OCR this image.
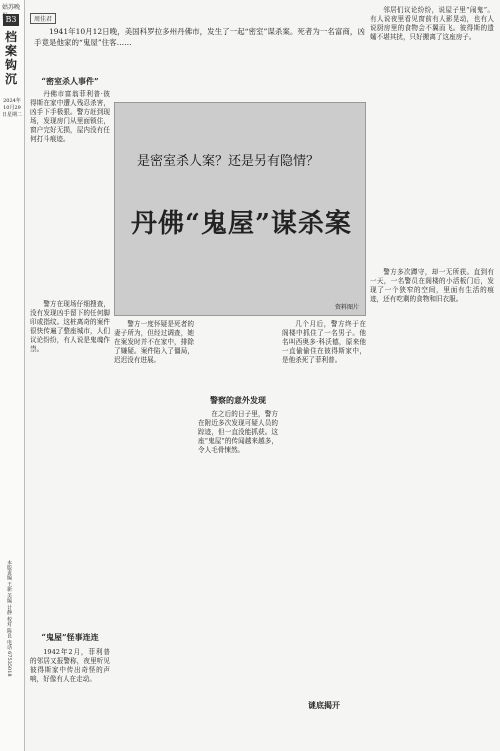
姑苏晚
B3
档案钩沉
2024年10月29日星期二
本版责编 王新 美编 计静 校对 陈良 电话 67535018
周佳君
1941年10月12日晚，美国科罗拉多州丹佛市，发生了一起“密室”谋杀案。死者为一名富商，凶手竟是他家的“鬼屋”住客……
“密室杀人事件”

丹佛市富翁菲利普·彼得斯在家中遭人残忍杀害，凶手下手极狠。警方赶到现场，发现房门从里面锁住，窗户完好无损，屋内没有任何打斗痕迹。

警方在现场仔细搜查，没有发现凶手留下的任何脚印或指纹。这桩离奇的案件很快传遍了整座城市，人们议论纷纷，有人说是鬼魂作祟。

“鬼屋”怪事连连

1942年2月，菲利普的邻居又报警称，夜里听见彼得斯家中传出奇怪的声响，好像有人在走动。

是密室杀人案？还是另有隐情？
丹佛“鬼屋”谋杀案
资料图片

邻居们议论纷纷，说屋子里“闹鬼”。有人说夜里看见窗前有人影晃动，也有人说厨房里的食物会不翼而飞。彼得斯的遗孀不堪其扰，只好搬离了这座房子。

警方多次蹲守，却一无所获。直到有一天，一名警员在阁楼的小活板门后，发现了一个狭窄的空间，里面有生活的痕迹，还有吃剩的食物和旧衣服。

警方一度怀疑是死者的妻子所为，但经过调查，她在案发时并不在家中，排除了嫌疑。案件陷入了僵局，迟迟没有进展。

警察的意外发现

在之后的日子里，警方在附近多次发现可疑人员的踪迹，但一直没能抓获。这座“鬼屋”的传闻越来越多，令人毛骨悚然。

谜底揭开

几个月后，警方终于在阁楼中抓住了一名男子。他名叫西奥多·科沃德，原来他一直偷偷住在彼得斯家中，是他杀死了菲利普。
